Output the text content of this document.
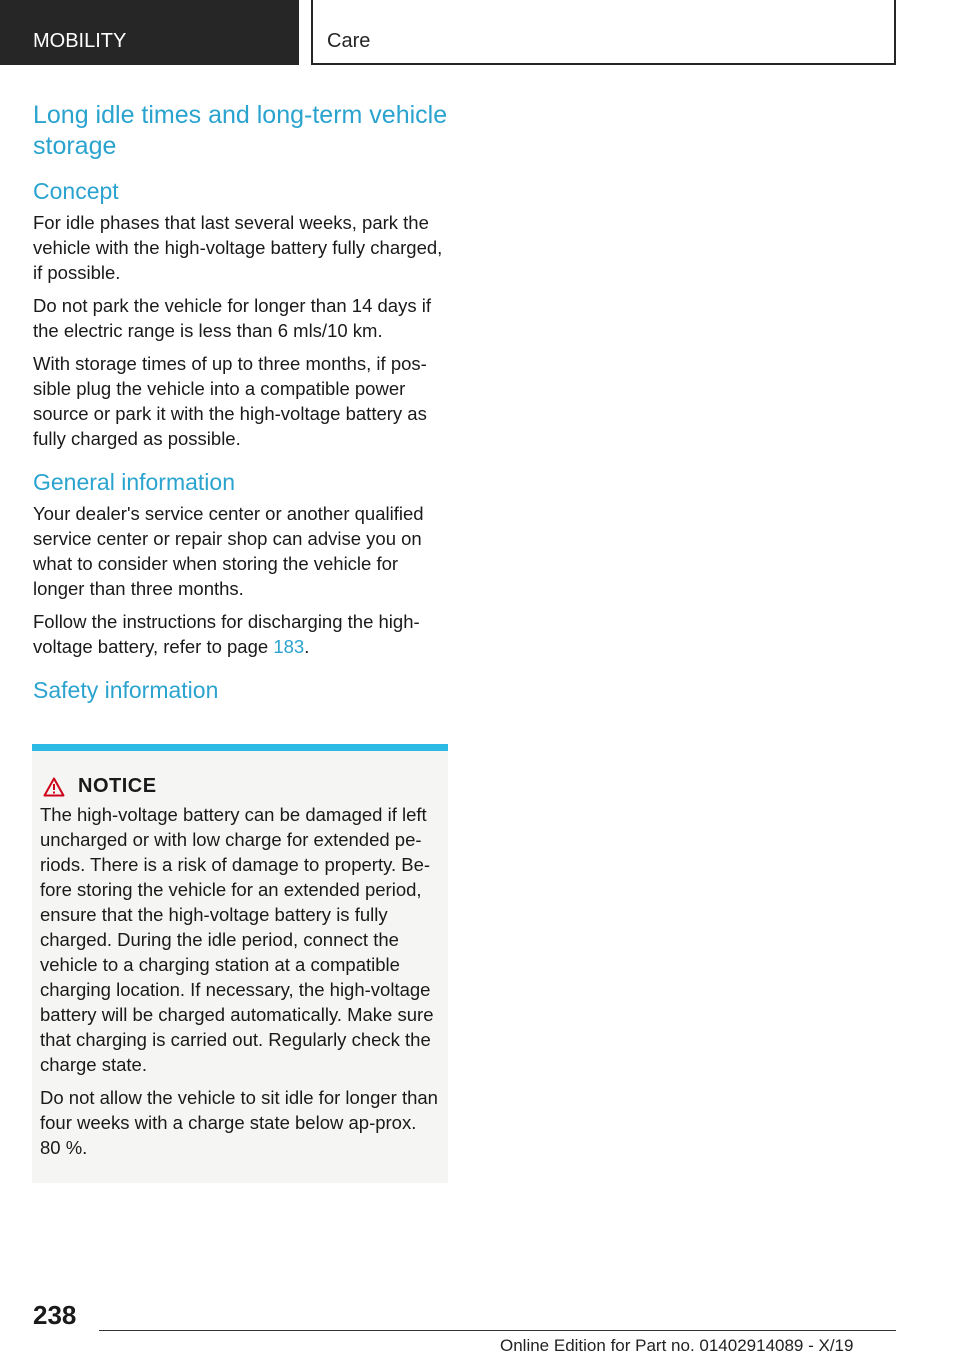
MOBILITY	Care
Long idle times and long-term vehicle storage
Concept

For idle phases that last several weeks, park the vehicle with the high-voltage battery fully charged, if possible.

Do not park the vehicle for longer than 14 days if the electric range is less than 6 mls/10 km.

With storage times of up to three months, if pos-sible plug the vehicle into a compatible power source or park it with the high-voltage battery as fully charged as possible.

General information

Your dealer's service center or another qualified service center or repair shop can advise you on what to consider when storing the vehicle for longer than three months.

Follow the instructions for discharging the high-voltage battery, refer to page 183.

Safety information
NOTICE

The high-voltage battery can be damaged if left uncharged or with low charge for extended pe-riods. There is a risk of damage to property. Be-fore storing the vehicle for an extended period, ensure that the high-voltage battery is fully charged. During the idle period, connect the vehicle to a charging station at a compatible charging location. If necessary, the high-voltage battery will be charged automatically. Make sure that charging is carried out. Regularly check the charge state.

Do not allow the vehicle to sit idle for longer than four weeks with a charge state below ap-prox. 80 %.

238
Online Edition for Part no. 01402914089 - X/19
